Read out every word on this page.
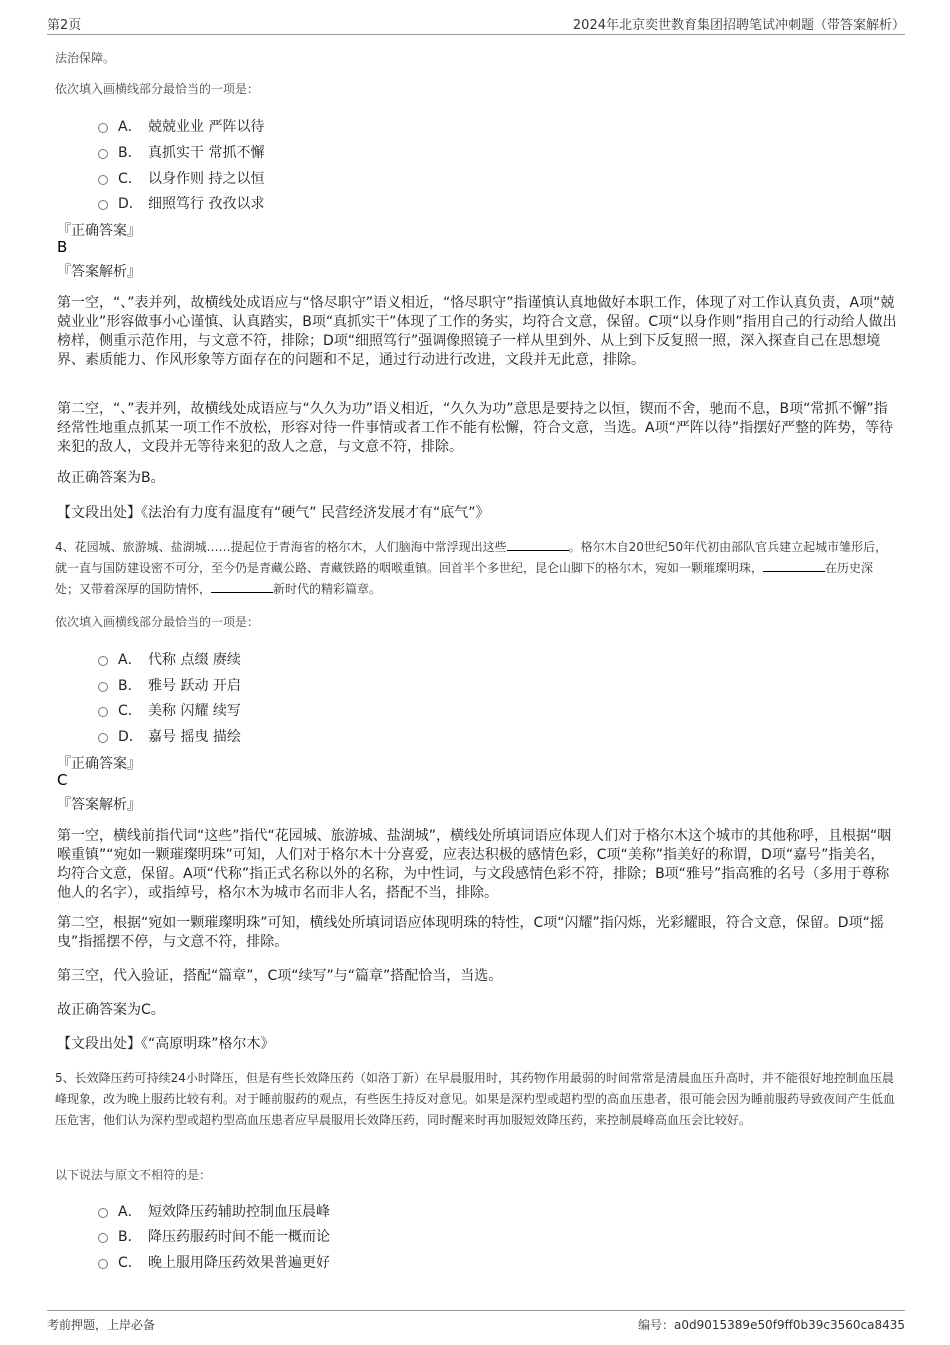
第2页	2024年北京奕世教育集团招聘笔试冲刺题（带答案解析）
法治保障。
依次填入画横线部分最恰当的一项是：
A． 兢兢业业 严阵以待
B． 真抓实干 常抓不懈
C． 以身作则 持之以恒
D． 细照笃行 孜孜以求
『正确答案』
B
『答案解析』
第一空，“、”表并列，故横线处成语应与“恪尽职守”语义相近，“恪尽职守”指谨慎认真地做好本职工作，体现了对工作认真负责，A项“兢兢业业”形容做事小心谨慎、认真踏实，B项“真抓实干”体现了工作的务实，均符合文意，保留。C项“以身作则”指用自己的行动给人做出榜样，侧重示范作用，与文意不符，排除；D项“细照笃行”强调像照镜子一样从里到外、从上到下反复照一照，深入探查自己在思想境界、素质能力、作风形象等方面存在的问题和不足，通过行动进行改进，文段并无此意，排除。
第二空，“、”表并列，故横线处成语应与“久久为功”语义相近，“久久为功”意思是要持之以恒，锲而不舍，驰而不息，B项“常抓不懈”指经常性地重点抓某一项工作不放松，形容对待一件事情或者工作不能有松懈，符合文意，当选。A项“严阵以待”指摆好严整的阵势，等待来犯的敌人，文段并无等待来犯的敌人之意，与文意不符，排除。
故正确答案为B。
【文段出处】《法治有力度有温度有“硬气” 民营经济发展才有“底气”》
4、花园城、旅游城、盐湖城……提起位于青海省的格尔木，人们脑海中常浮现出这些	。格尔木自20世纪50年代初由部队官兵建立起城市雏形后，就一直与国防建设密不可分，至今仍是青藏公路、青藏铁路的咽喉重镇。回首半个多世纪，昆仑山脚下的格尔木，宛如一颗璀璨明珠，	在历史深处；又带着深厚的国防情怀，	新时代的精彩篇章。
依次填入画横线部分最恰当的一项是：
A． 代称 点缀 赓续
B． 雅号 跃动 开启
C． 美称 闪耀 续写
D． 嘉号 摇曳 描绘
『正确答案』
C
『答案解析』
第一空，横线前指代词“这些”指代“花园城、旅游城、盐湖城”，横线处所填词语应体现人们对于格尔木这个城市的其他称呼，且根据“咽喉重镇”“宛如一颗璀璨明珠”可知，人们对于格尔木十分喜爱，应表达积极的感情色彩，C项“美称”指美好的称谓，D项“嘉号”指美名，均符合文意，保留。A项“代称”指正式名称以外的名称，为中性词，与文段感情色彩不符，排除；B项“雅号”指高雅的名号（多用于尊称他人的名字），或指绰号，格尔木为城市名而非人名，搭配不当，排除。
第二空，根据“宛如一颗璀璨明珠”可知，横线处所填词语应体现明珠的特性，C项“闪耀”指闪烁，光彩耀眼，符合文意，保留。D项“摇曳”指摇摆不停，与文意不符，排除。
第三空，代入验证，搭配“篇章”，C项“续写”与“篇章”搭配恰当，当选。
故正确答案为C。
【文段出处】《“高原明珠”格尔木》
5、长效降压药可持续24小时降压，但是有些长效降压药（如洛丁新）在早晨服用时，其药物作用最弱的时间常常是清晨血压升高时，并不能很好地控制血压晨峰现象，改为晚上服药比较有利。对于睡前服药的观点，有些医生持反对意见。如果是深杓型或超杓型的高血压患者，很可能会因为睡前服药导致夜间产生低血压危害，他们认为深杓型或超杓型高血压患者应早晨服用长效降压药，同时醒来时再加服短效降压药，来控制晨峰高血压会比较好。
以下说法与原文不相符的是：
A． 短效降压药辅助控制血压晨峰
B． 降压药服药时间不能一概而论
C． 晚上服用降压药效果普遍更好
考前押题，上岸必备	编号：a0d9015389e50f9ff0b39c3560ca8435
